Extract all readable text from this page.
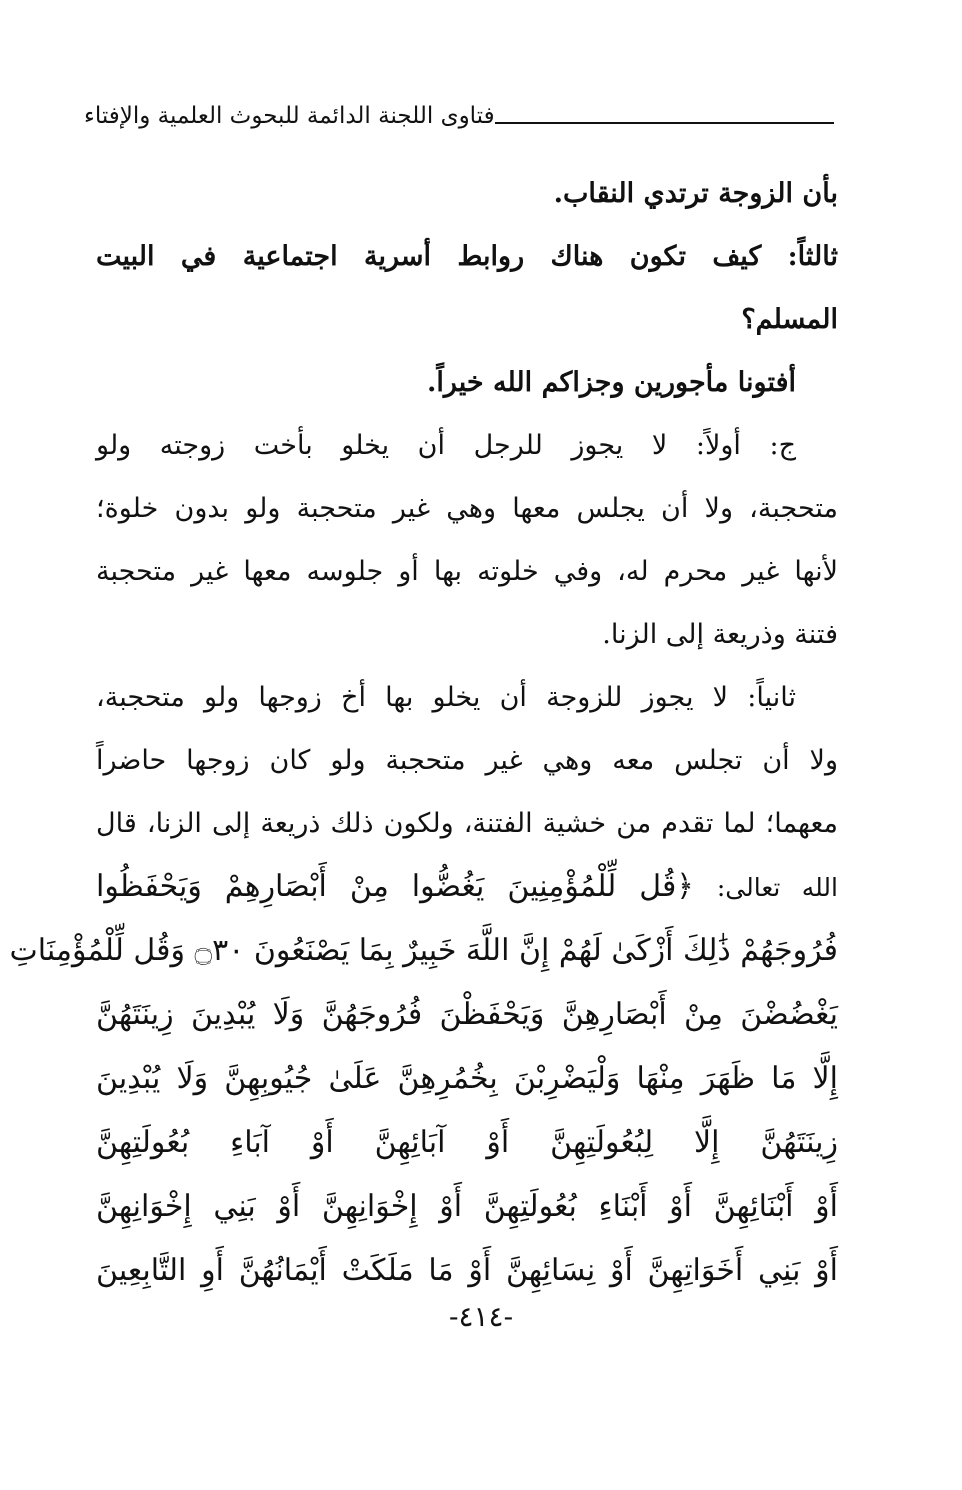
فتاوى اللجنة الدائمة للبحوث العلمية والإفتاء
بأن الزوجة ترتدي النقاب.
ثالثاً: كيف تكون هناك روابط أسرية اجتماعية في البيت
المسلم؟
أفتونا مأجورين وجزاكم الله خيراً.
ج: أولاً: لا يجوز للرجل أن يخلو بأخت زوجته ولو
متحجبة، ولا أن يجلس معها وهي غير متحجبة ولو بدون خلوة؛
لأنها غير محرم له، وفي خلوته بها أو جلوسه معها غير متحجبة
فتنة وذريعة إلى الزنا.
ثانياً: لا يجوز للزوجة أن يخلو بها أخ زوجها ولو متحجبة،
ولا أن تجلس معه وهي غير متحجبة ولو كان زوجها حاضراً
معهما؛ لما تقدم من خشية الفتنة، ولكون ذلك ذريعة إلى الزنا، قال
الله تعالى: ﴿قُل لِّلْمُؤْمِنِينَ يَغُضُّوا مِنْ أَبْصَارِهِمْ وَيَحْفَظُوا
فُرُوجَهُمْ ذَٰلِكَ أَزْكَىٰ لَهُمْ إِنَّ اللَّهَ خَبِيرٌ بِمَا يَصْنَعُونَ ۝٣٠ وَقُل لِّلْمُؤْمِنَاتِ
يَغْضُضْنَ مِنْ أَبْصَارِهِنَّ وَيَحْفَظْنَ فُرُوجَهُنَّ وَلَا يُبْدِينَ زِينَتَهُنَّ
إِلَّا مَا ظَهَرَ مِنْهَا وَلْيَضْرِبْنَ بِخُمُرِهِنَّ عَلَىٰ جُيُوبِهِنَّ وَلَا يُبْدِينَ
زِينَتَهُنَّ إِلَّا لِبُعُولَتِهِنَّ أَوْ آبَائِهِنَّ أَوْ آبَاءِ بُعُولَتِهِنَّ
أَوْ أَبْنَائِهِنَّ أَوْ أَبْنَاءِ بُعُولَتِهِنَّ أَوْ إِخْوَانِهِنَّ أَوْ بَنِي إِخْوَانِهِنَّ
أَوْ بَنِي أَخَوَاتِهِنَّ أَوْ نِسَائِهِنَّ أَوْ مَا مَلَكَتْ أَيْمَانُهُنَّ أَوِ التَّابِعِينَ
-٤١٤-
